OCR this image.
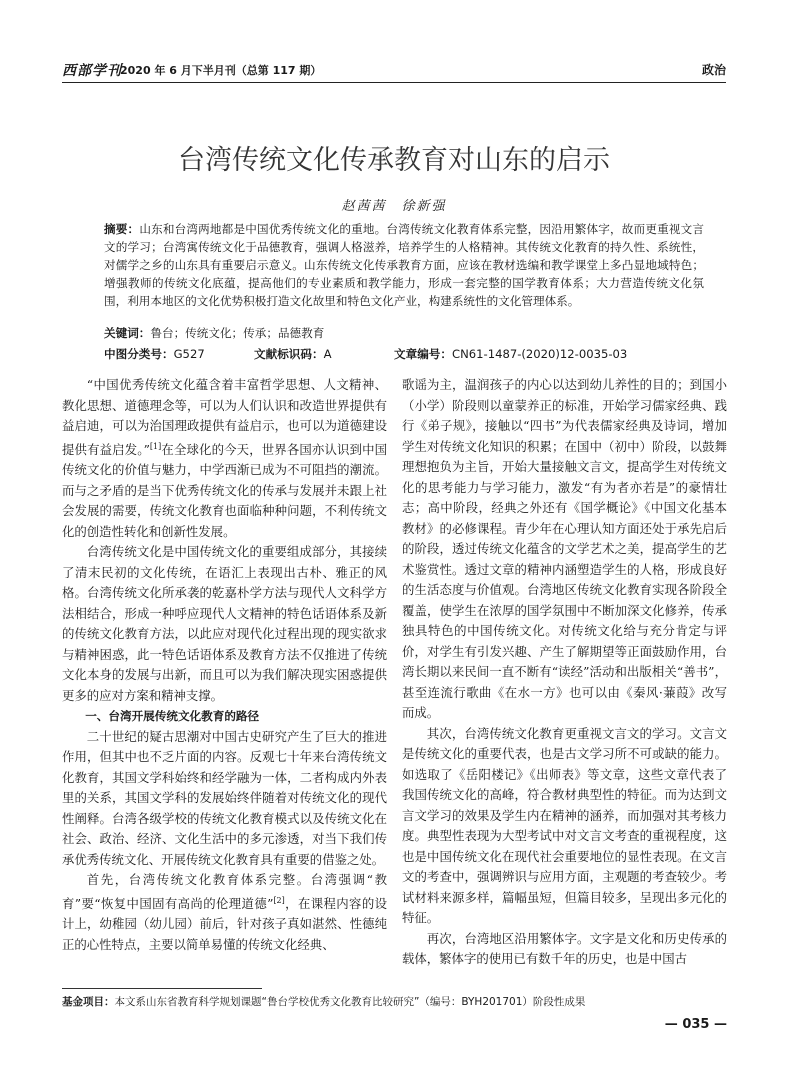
西部学刊
2020 年 6 月下半月刊（总第 117 期）	政治
台湾传统文化传承教育对山东的启示
赵茜茜　徐新强
摘要：山东和台湾两地都是中国优秀传统文化的重地。台湾传统文化教育体系完整，因沿用繁体字，故而更重视文言文的学习；台湾寓传统文化于品德教育，强调人格滋养，培养学生的人格精神。其传统文化教育的持久性、系统性，对儒学之乡的山东具有重要启示意义。山东传统文化传承教育方面，应该在教材选编和教学课堂上多凸显地域特色；增强教师的传统文化底蕴，提高他们的专业素质和教学能力，形成一套完整的国学教育体系；大力营造传统文化氛围，利用本地区的文化优势积极打造文化故里和特色文化产业，构建系统性的文化管理体系。
关键词：鲁台；传统文化；传承；品德教育
中图分类号：G527	文献标识码：A	文章编号：CN61-1487-(2020)12-0035-03

“中国优秀传统文化蕴含着丰富哲学思想、人文精神、教化思想、道德理念等，可以为人们认识和改造世界提供有益启迪，可以为治国理政提供有益启示，也可以为道德建设提供有益启发。”[1]在全球化的今天，世界各国亦认识到中国传统文化的价值与魅力，中学西渐已成为不可阻挡的潮流。而与之矛盾的是当下优秀传统文化的传承与发展并未跟上社会发展的需要，传统文化教育也面临种种问题，不利传统文化的创造性转化和创新性发展。

台湾传统文化是中国传统文化的重要组成部分，其接续了清末民初的文化传统，在语汇上表现出古朴、雅正的风格。台湾传统文化所承袭的乾嘉朴学方法与现代人文科学方法相结合，形成一种呼应现代人文精神的特色话语体系及新的传统文化教育方法，以此应对现代化过程出现的现实欲求与精神困惑，此一特色话语体系及教育方法不仅推进了传统文化本身的发展与出新，而且可以为我们解决现实困惑提供更多的应对方案和精神支撑。

一、台湾开展传统文化教育的路径

二十世纪的疑古思潮对中国古史研究产生了巨大的推进作用，但其中也不乏片面的内容。反观七十年来台湾传统文化教育，其国文学科始终和经学融为一体，二者构成内外表里的关系，其国文学科的发展始终伴随着对传统文化的现代性阐释。台湾各级学校的传统文化教育模式以及传统文化在社会、政治、经济、文化生活中的多元渗透，对当下我们传承优秀传统文化、开展传统文化教育具有重要的借鉴之处。

首先，台湾传统文化教育体系完整。台湾强调“教育”要“恢复中国固有高尚的伦理道德”[2]，在课程内容的设计上，幼稚园（幼儿园）前后，针对孩子真如湛然、性德纯正的心性特点，主要以简单易懂的传统文化经典、

歌谣为主，温润孩子的内心以达到幼儿养性的目的；到国小（小学）阶段则以童蒙养正的标准，开始学习儒家经典、践行《弟子规》，接触以“四书”为代表儒家经典及诗词，增加学生对传统文化知识的积累；在国中（初中）阶段，以鼓舞理想抱负为主旨，开始大量接触文言文，提高学生对传统文化的思考能力与学习能力，激发“有为者亦若是”的豪情壮志；高中阶段，经典之外还有《国学概论》《中国文化基本教材》的必修课程。青少年在心理认知方面还处于承先启后的阶段，透过传统文化蕴含的文学艺术之美，提高学生的艺术鉴赏性。透过文章的精神内涵塑造学生的人格，形成良好的生活态度与价值观。台湾地区传统文化教育实现各阶段全覆盖，使学生在浓厚的国学氛围中不断加深文化修养，传承独具特色的中国传统文化。对传统文化给与充分肯定与评价，对学生有引发兴趣、产生了解期望等正面鼓励作用，台湾长期以来民间一直不断有“读经”活动和出版相关“善书”，甚至连流行歌曲《在水一方》也可以由《秦风·蒹葭》改写而成。

其次，台湾传统文化教育更重视文言文的学习。文言文是传统文化的重要代表，也是古文学习所不可或缺的能力。如选取了《岳阳楼记》《出师表》等文章，这些文章代表了我国传统文化的高峰，符合教材典型性的特征。而为达到文言文学习的效果及学生内在精神的涵养，而加强对其考核力度。典型性表现为大型考试中对文言文考查的重视程度，这也是中国传统文化在现代社会重要地位的显性表现。在文言文的考查中，强调辨识与应用方面，主观题的考查较少。考试材料来源多样，篇幅虽短，但篇目较多，呈现出多元化的特征。

再次，台湾地区沿用繁体字。文字是文化和历史传承的载体，繁体字的使用已有数千年的历史，也是中国古

基金项目：本文系山东省教育科学规划课题“鲁台学校优秀文化教育比较研究”（编号：BYH201701）阶段性成果
— 035 —
